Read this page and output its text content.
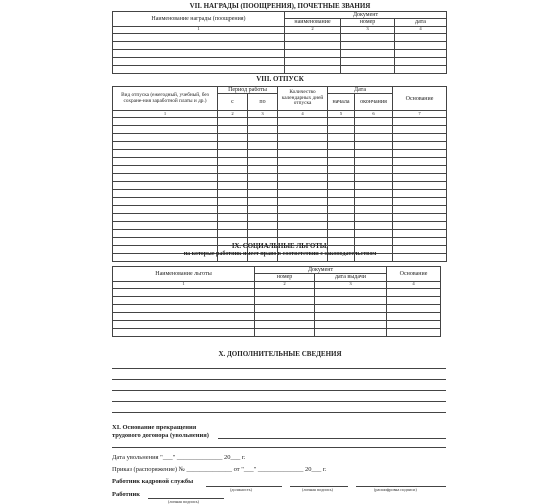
VII. НАГРАДЫ (ПООЩРЕНИЯ), ПОЧЕТНЫЕ ЗВАНИЯ
Наименование награды (поощрения)	Документ		
	наименование	номер	дата
1	2	3	4

VIII. ОТПУСК
Вид отпуска (ежегодный, учебный, без сохране-ния заработной платы и др.)	Период работы		Количество календарных дней отпуска	Дата		Основание
	с	по		начала	окончания	
1	2	3	4	5	6	7

IX. СОЦИАЛЬНЫЕ ЛЬГОТЫ,
на которые работник имеет право в соответствии с законодательством
Наименование льготы	Документ		Основание
	номер	дата выдачи	
1	2	3	4

X. ДОПОЛНИТЕЛЬНЫЕ СВЕДЕНИЯ
XI. Основание прекращения
трудового договора (увольнения)
Дата увольнения "___" ______________ 20___ г.
Приказ (распоряжение) № ______________ от "___" ______________ 20___ г.
Работник кадровой службы
(должность)	(личная подпись)	(расшифровка подписи)
Работник
(личная подпись)
